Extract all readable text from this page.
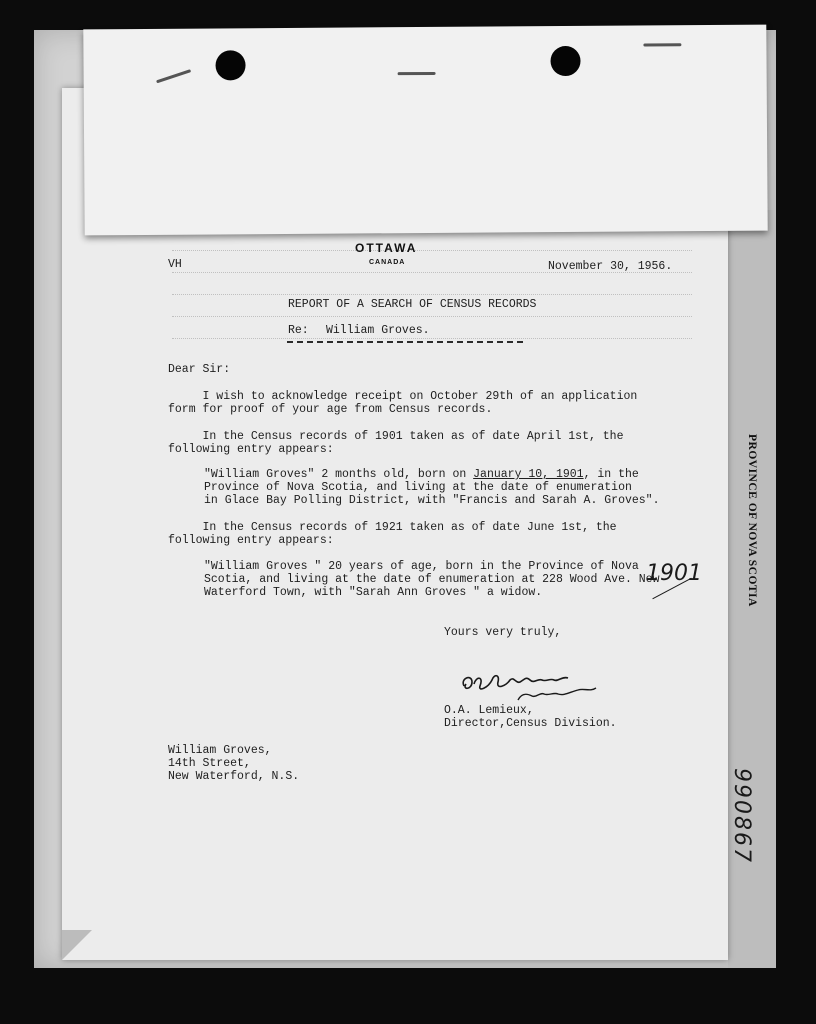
PROVINCE OF NOVA SCOTIA
990867
OTTAWA
CANADA
VH	November 30, 1956.
REPORT OF A SEARCH OF CENSUS RECORDS
Re: William Groves.
Dear Sir:
I wish to acknowledge receipt on October 29th of an application
form for proof of your age from Census records.
In the Census records of 1901 taken as of date April 1st, the
following entry appears:
"William Groves" 2 months old, born on January 10, 1901, in the
Province of Nova Scotia, and living at the date of enumeration
in Glace Bay Polling District, with "Francis and Sarah A. Groves".
In the Census records of 1921 taken as of date June 1st, the
following entry appears:
"William Groves " 20 years of age, born in the Province of Nova
Scotia, and living at the date of enumeration at 228 Wood Ave. New
Waterford Town, with "Sarah Ann Groves " a widow.
1901
Yours very truly,
O.A. Lemieux,
Director,Census Division.
William Groves,
14th Street,
New Waterford, N.S.
